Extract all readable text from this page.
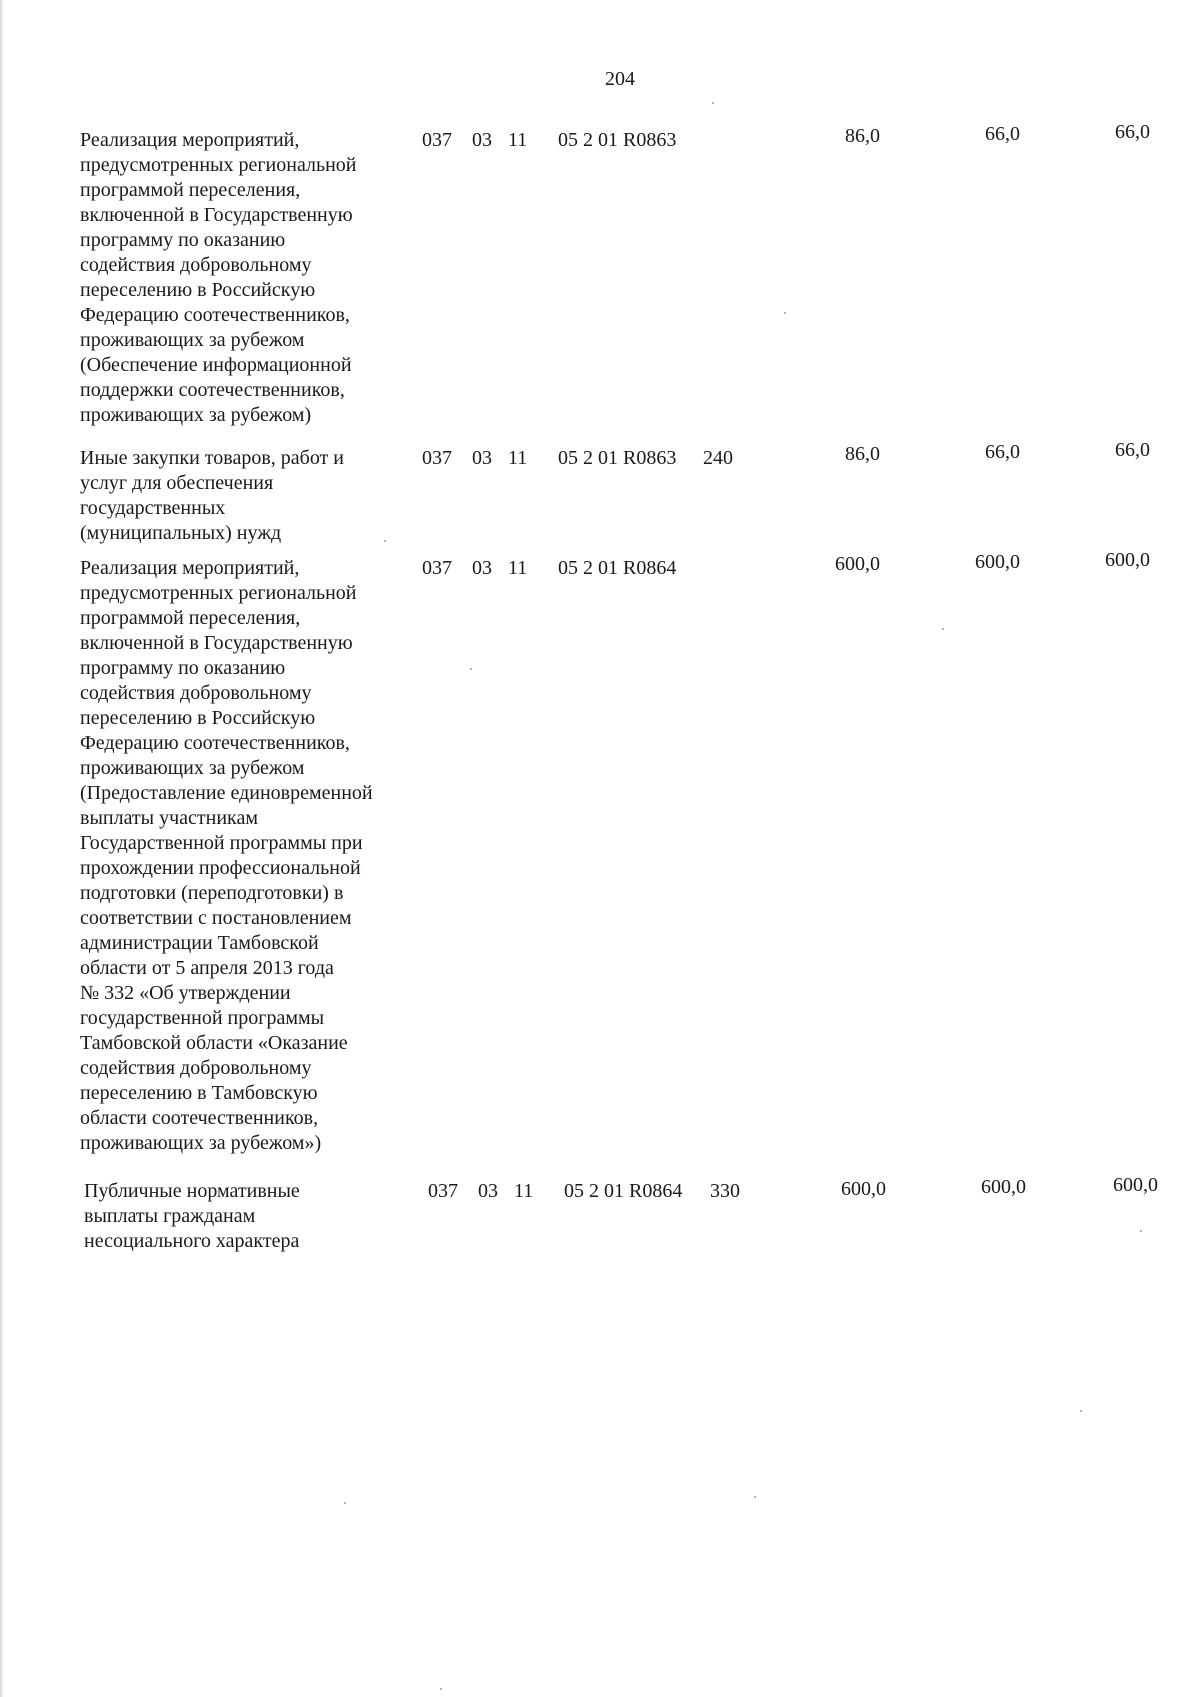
204
Реализация мероприятий,
предусмотренных региональной
программой переселения,
включенной в Государственную
программу по оказанию
содействия добровольному
переселению в Российскую
Федерацию соотечественников,
проживающих за рубежом
(Обеспечение информационной
поддержки соотечественников,
проживающих за рубежом)
037 03 11 05 2 01 R0863	86,0	66,0	66,0
Иные закупки товаров, работ и
услуг для обеспечения
государственных
(муниципальных) нужд
037 03 11 05 2 01 R0863 240	86,0	66,0	66,0
Реализация мероприятий,
предусмотренных региональной
программой переселения,
включенной в Государственную
программу по оказанию
содействия добровольному
переселению в Российскую
Федерацию соотечественников,
проживающих за рубежом
(Предоставление единовременной
выплаты участникам
Государственной программы при
прохождении профессиональной
подготовки (переподготовки) в
соответствии с постановлением
администрации Тамбовской
области от 5 апреля 2013 года
№ 332 «Об утверждении
государственной программы
Тамбовской области «Оказание
содействия добровольному
переселению в Тамбовскую
области соотечественников,
проживающих за рубежом»)
037 03 11 05 2 01 R0864	600,0	600,0	600,0
Публичные нормативные
выплаты гражданам
несоциального характера
037 03 11 05 2 01 R0864 330	600,0	600,0	600,0
